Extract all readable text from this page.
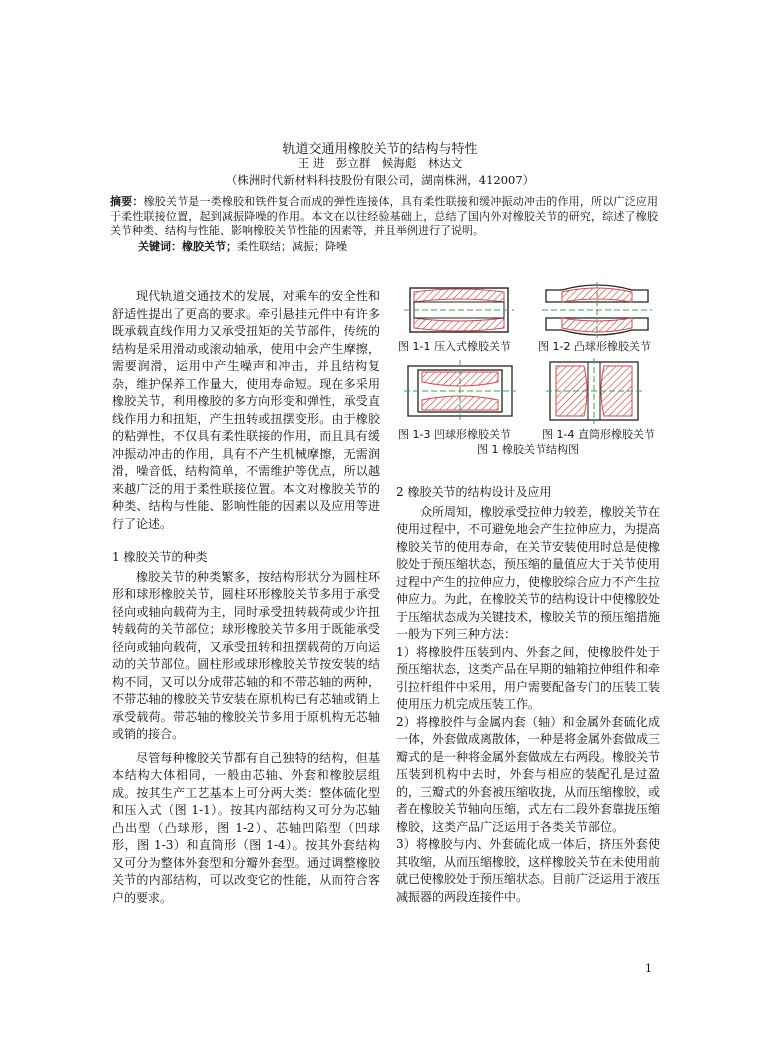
轨道交通用橡胶关节的结构与特性
王 进　彭立群　候海彪　林达文
（株洲时代新材料科技股份有限公司，湖南株洲，412007）
摘要：橡胶关节是一类橡胶和铁件复合而成的弹性连接体，具有柔性联接和缓冲振动冲击的作用，所以广泛应用于柔性联接位置，起到减振降噪的作用。本文在以往经验基础上，总结了国内外对橡胶关节的研究，综述了橡胶关节种类、结构与性能、影响橡胶关节性能的因素等，并且举例进行了说明。
关键词：橡胶关节；柔性联结；减振；降噪

现代轨道交通技术的发展，对乘车的安全性和舒适性提出了更高的要求。牵引悬挂元件中有许多既承载直线作用力又承受扭矩的关节部件，传统的结构是采用滑动或滚动轴承，使用中会产生摩擦，需要润滑，运用中产生噪声和冲击，并且结构复杂，维护保养工作量大，使用寿命短。现在多采用橡胶关节，利用橡胶的多方向形变和弹性，承受直线作用力和扭矩，产生扭转或扭摆变形。由于橡胶的粘弹性，不仅具有柔性联接的作用，而且具有缓冲振动冲击的作用，具有不产生机械摩擦，无需润滑，噪音低，结构简单，不需维护等优点，所以越来越广泛的用于柔性联接位置。本文对橡胶关节的种类、结构与性能、影响性能的因素以及应用等进行了论述。

1 橡胶关节的种类

橡胶关节的种类繁多，按结构形状分为圆柱环形和球形橡胶关节，圆柱环形橡胶关节多用于承受径向或轴向载荷为主，同时承受扭转载荷或少许扭转载荷的关节部位；球形橡胶关节多用于既能承受径向或轴向载荷，又承受扭转和扭摆载荷的万向运动的关节部位。圆柱形或球形橡胶关节按安装的结构不同，又可以分成带芯轴的和不带芯轴的两种，不带芯轴的橡胶关节安装在原机构已有芯轴或销上承受载荷。带芯轴的橡胶关节多用于原机构无芯轴或销的接合。

尽管每种橡胶关节都有自己独特的结构，但基本结构大体相同，一般由芯轴、外套和橡胶层组成。按其生产工艺基本上可分两大类：整体硫化型和压入式（图 1-1）。按其内部结构又可分为芯轴凸出型（凸球形，图 1-2）、芯轴凹陷型（凹球形，图 1-3）和直筒形（图 1-4）。按其外套结构又可分为整体外套型和分瓣外套型。通过调整橡胶关节的内部结构，可以改变它的性能，从而符合客户的要求。

图 1-1 压入式橡胶关节 图 1-2 凸球形橡胶关节
图 1-3 凹球形橡胶关节	图 1-4 直筒形橡胶关节
图 1 橡胶关节结构图
2 橡胶关节的结构设计及应用

众所周知，橡胶承受拉伸力较差，橡胶关节在使用过程中，不可避免地会产生拉伸应力，为提高橡胶关节的使用寿命，在关节安装使用时总是使橡胶处于预压缩状态，预压缩的量值应大于关节使用过程中产生的拉伸应力，使橡胶综合应力不产生拉伸应力。为此，在橡胶关节的结构设计中使橡胶处于压缩状态成为关键技术，橡胶关节的预压缩措施一般为下列三种方法：

1）将橡胶件压装到内、外套之间，使橡胶件处于预压缩状态，这类产品在早期的轴箱拉伸组件和牵引拉杆组件中采用，用户需要配备专门的压装工装使用压力机完成压装工作。

2）将橡胶件与金属内套（轴）和金属外套硫化成一体，外套做成离散体，一种是将金属外套做成三瓣式的是一种将金属外套做成左右两段。橡胶关节压装到机构中去时，外套与相应的装配孔是过盈的，三瓣式的外套被压缩收拢，从而压缩橡胶，或者在橡胶关节轴向压缩，式左右二段外套靠拢压缩橡胶，这类产品广泛运用于各类关节部位。

3）将橡胶与内、外套硫化成一体后，挤压外套使其收缩，从而压缩橡胶，这样橡胶关节在未使用前就已使橡胶处于预压缩状态。目前广泛运用于液压减振器的两段连接件中。

1
